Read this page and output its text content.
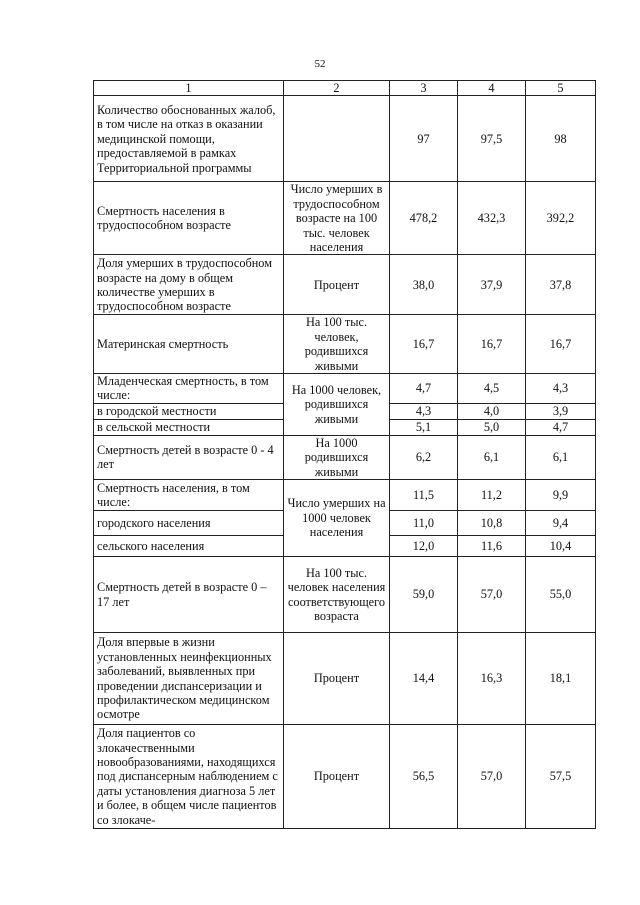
52
1	2	3	4	5
Количество обоснованных жалоб, в том числе на отказ в оказании медицинской помощи, предоставляемой в рамках Территориальной программы		97	97,5	98
Смертность населения в трудоспособном возрасте	Число умерших в трудоспособном возрасте на 100 тыс. человек населения	478,2	432,3	392,2
Доля умерших в трудоспособном возрасте на дому в общем количестве умерших в трудоспособном возрасте	Процент	38,0	37,9	37,8
Материнская смертность	На 100 тыс. человек, родившихся живыми	16,7	16,7	16,7
Младенческая смертность, в том числе:	На 1000 человек, родившихся живыми	4,7	4,5	4,3
в городской местности		4,3	4,0	3,9
в сельской местности		5,1	5,0	4,7
Смертность детей в возрасте 0 - 4 лет	На 1000 родившихся живыми	6,2	6,1	6,1
Смертность населения, в том числе:	Число умерших на 1000 человек населения	11,5	11,2	9,9
городского населения		11,0	10,8	9,4
сельского населения		12,0	11,6	10,4
Смертность детей в возрасте 0 – 17 лет	На 100 тыс. человек населения соответствующего возраста	59,0	57,0	55,0
Доля впервые в жизни установленных неинфекционных заболеваний, выявленных при проведении диспансеризации и профилактическом медицинском осмотре	Процент	14,4	16,3	18,1
Доля пациентов со злокачественными новообразованиями, находящихся под диспансерным наблюдением с даты установления диагноза 5 лет и более, в общем числе пациентов со злокаче-	Процент	56,5	57,0	57,5
